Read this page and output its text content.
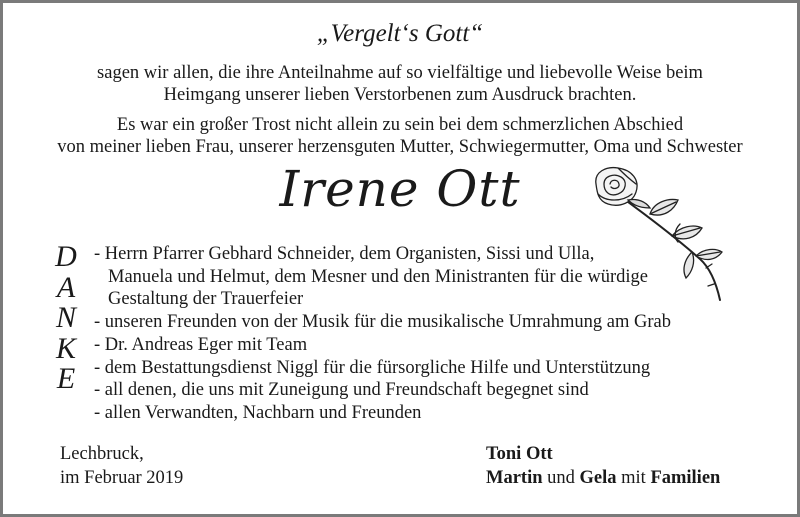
„Vergelt‘s Gott“
sagen wir allen, die ihre Anteilnahme auf so vielfältige und liebevolle Weise beim
Heimgang unserer lieben Verstorbenen zum Ausdruck brachten.
Es war ein großer Trost nicht allein zu sein bei dem schmerzlichen Abschied
von meiner lieben Frau, unserer herzensguten Mutter, Schwiegermutter, Oma und Schwester
Irene Ott
D
A
N
K
E
- Herrn Pfarrer Gebhard Schneider, dem Organisten, Sissi und Ulla,
Manuela und Helmut, dem Mesner und den Ministranten für die würdige
Gestaltung der Trauerfeier
- unseren Freunden von der Musik für die musikalische Umrahmung am Grab
- Dr. Andreas Eger mit Team
- dem Bestattungsdienst Niggl für die fürsorgliche Hilfe und Unterstützung
- all denen, die uns mit Zuneigung und Freundschaft begegnet sind
- allen Verwandten, Nachbarn und Freunden
Lechbruck,
im Februar 2019
Toni Ott
Martin und Gela mit Familien
